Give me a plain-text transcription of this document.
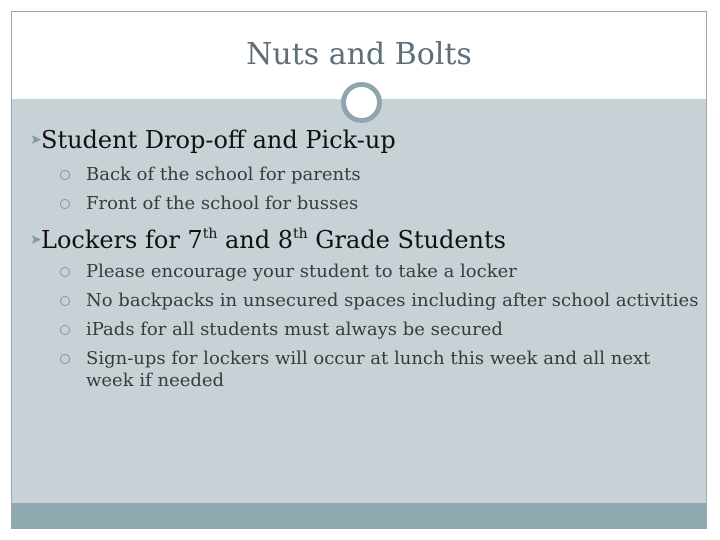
Nuts and Bolts
➤ Student Drop-off and Pick-up
Back of the school for parents
Front of the school for busses
➤ Lockers for 7th and 8th Grade Students
Please encourage your student to take a locker
No backpacks in unsecured spaces including after school activities
iPads for all students must always be secured
Sign-ups for lockers will occur at lunch this week and all next week if needed
